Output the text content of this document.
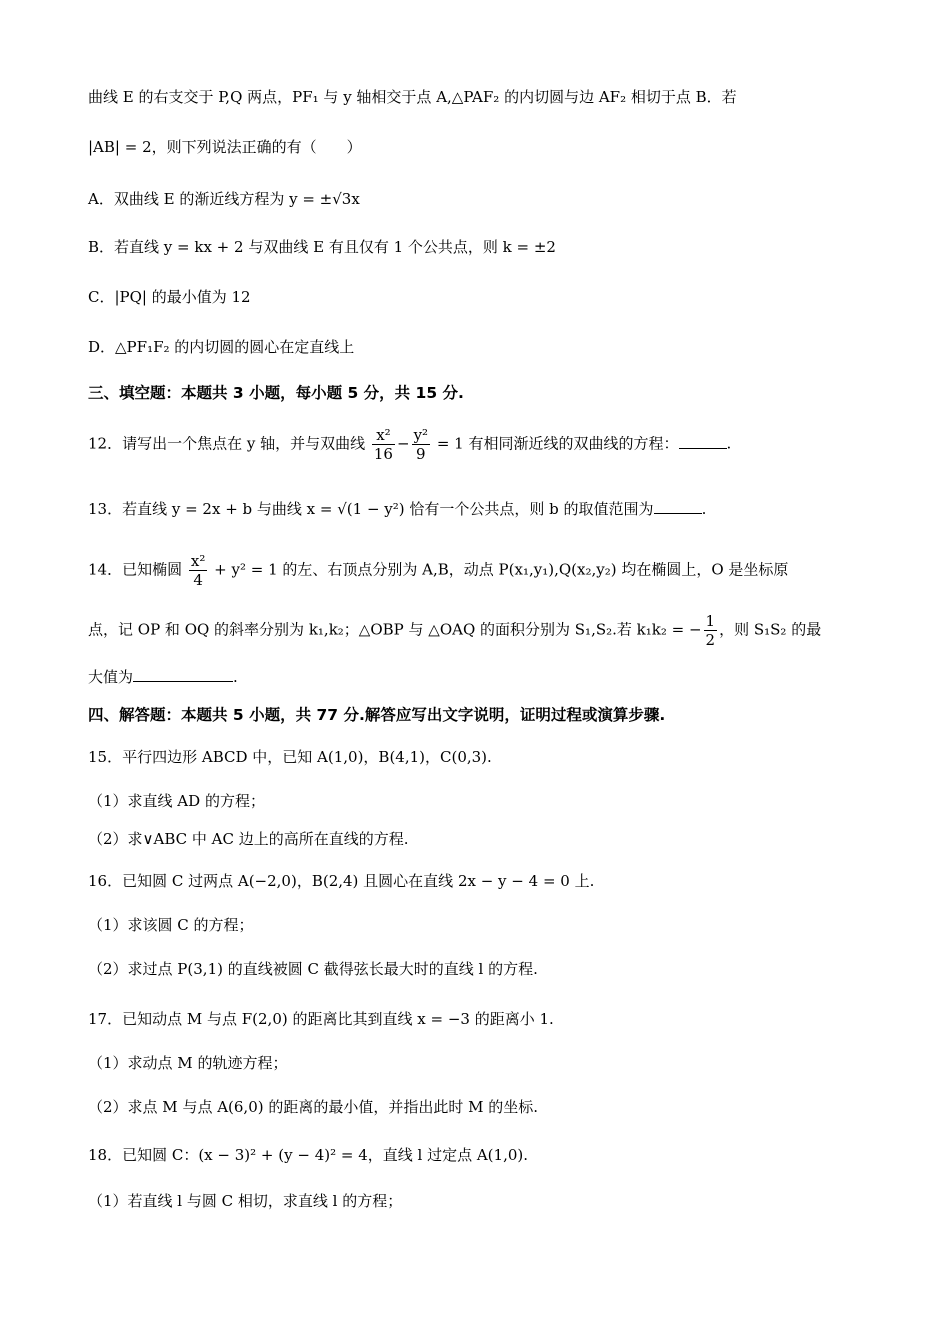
曲线 E 的右支交于 P,Q 两点，PF₁ 与 y 轴相交于点 A,△PAF₂ 的内切圆与边 AF₂ 相切于点 B．若
|AB| = 2，则下列说法正确的有（　　）
A．双曲线 E 的渐近线方程为 y = ±√3x
B．若直线 y = kx + 2 与双曲线 E 有且仅有 1 个公共点，则 k = ±2
C．|PQ| 的最小值为 12
D．△PF₁F₂ 的内切圆的圆心在定直线上
三、填空题：本题共 3 小题，每小题 5 分，共 15 分.
12．请写出一个焦点在 y 轴，并与双曲线 $\frac{\text{x²}}{16} - \frac{\text{y²}}{9} = 1$ 有相同渐近线的双曲线的方程：	.
13．若直线 y = 2x + b 与曲线 x = √(1 − y²) 恰有一个公共点，则 b 的取值范围为	.
14．已知椭圆 $\frac{\text{x²}}{4} + y^2 = 1$ 的左、右顶点分别为 A,B，动点 P(x₁,y₁),Q(x₂,y₂) 均在椭圆上，O 是坐标原
点，记 OP 和 OQ 的斜率分别为 k₁,k₂；△OBP 与 △OAQ 的面积分别为 S₁,S₂.若 k₁k₂ = − $\frac{1}{2}$ ，则 S₁S₂ 的最
大值为	.
四、解答题：本题共 5 小题，共 77 分.解答应写出文字说明，证明过程或演算步骤.
15．平行四边形 ABCD 中，已知 A(1,0)，B(4,1)，C(0,3).
（1）求直线 AD 的方程；
（2）求∨ABC 中 AC 边上的高所在直线的方程.
16．已知圆 C 过两点 A(−2,0)，B(2,4) 且圆心在直线 2x − y − 4 = 0 上.
（1）求该圆 C 的方程；
（2）求过点 P(3,1) 的直线被圆 C 截得弦长最大时的直线 l 的方程.
17．已知动点 M 与点 F(2,0) 的距离比其到直线 x = −3 的距离小 1.
（1）求动点 M 的轨迹方程；
（2）求点 M 与点 A(6,0) 的距离的最小值，并指出此时 M 的坐标.
18．已知圆 C：(x − 3)² + (y − 4)² = 4，直线 l 过定点 A(1,0).
（1）若直线 l 与圆 C 相切，求直线 l 的方程；
